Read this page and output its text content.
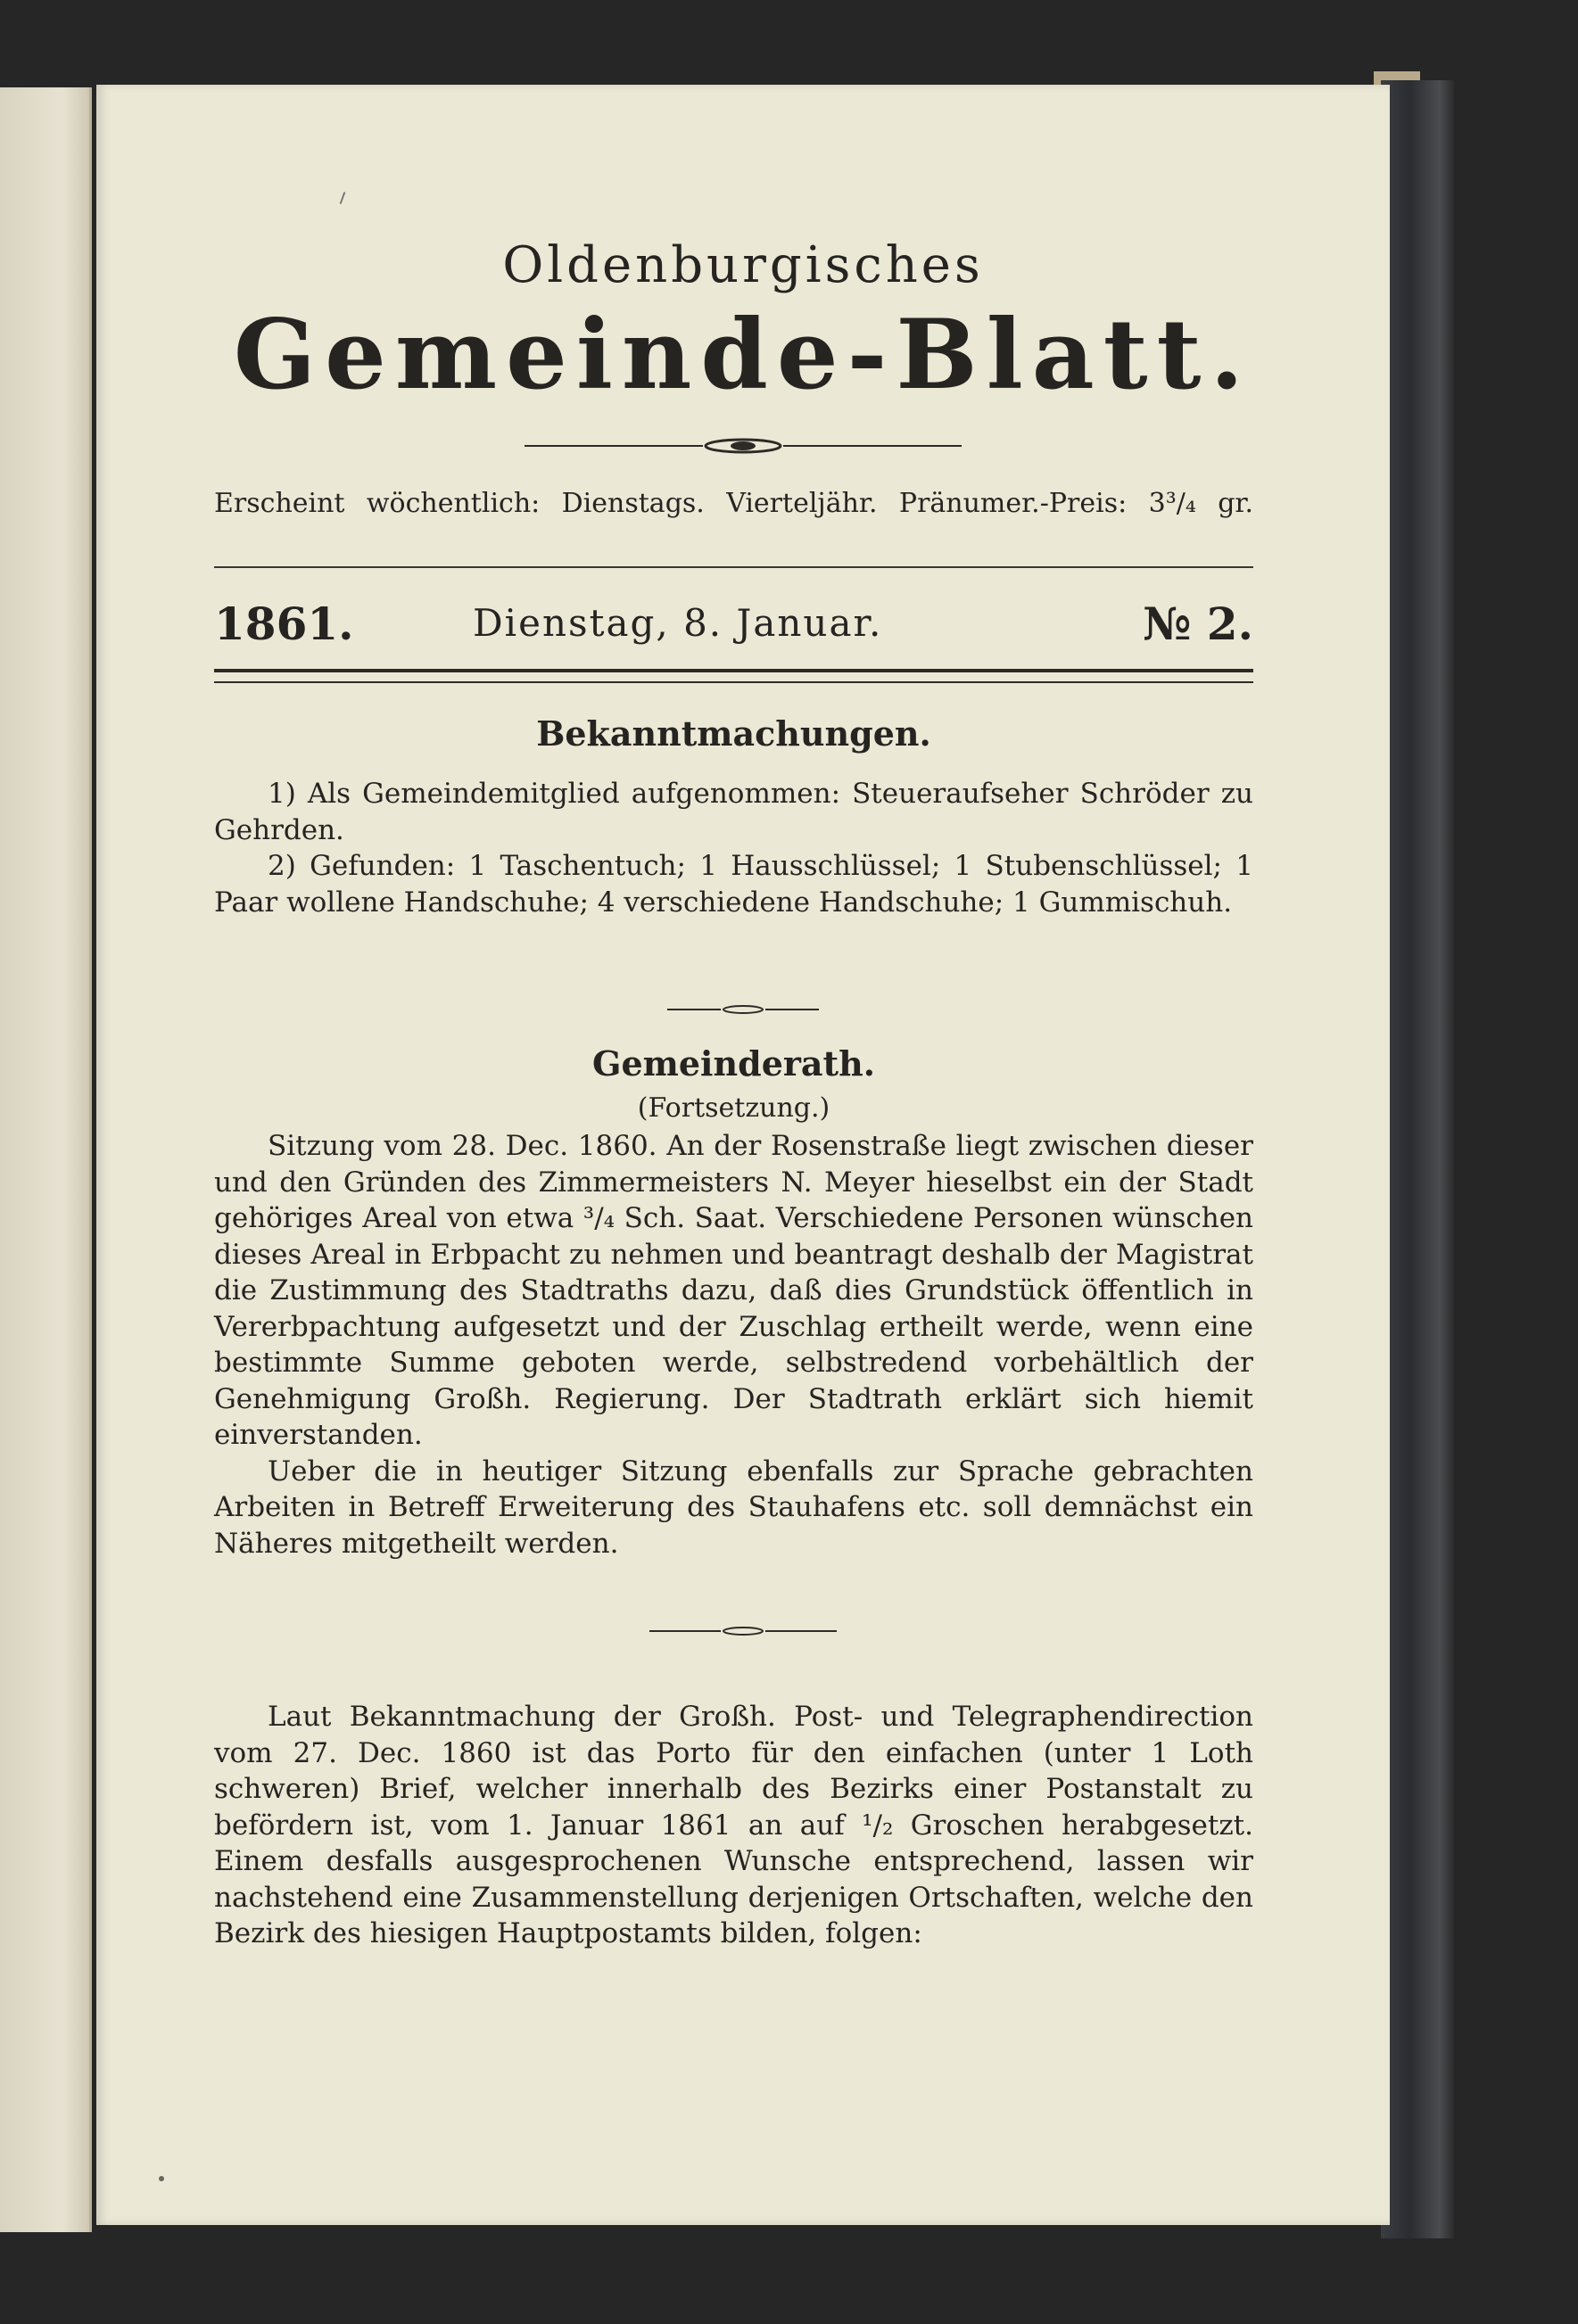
Oldenburgisches
Gemeinde-Blatt.
Erscheint wöchentlich: Dienstags. Vierteljähr. Pränumer.-Preis: 3³/₄ gr.
1861.	Dienstag, 8. Januar.	№ 2.
Bekanntmachungen.

1) Als Gemeindemitglied aufgenommen: Steueraufseher Schröder zu Gehrden.

2) Gefunden: 1 Taschentuch; 1 Hausschlüssel; 1 Stubenschlüssel; 1 Paar wollene Handschuhe; 4 verschiedene Handschuhe; 1 Gummischuh.

Gemeinderath.
(Fortsetzung.)

Sitzung vom 28. Dec. 1860. An der Rosenstraße liegt zwischen dieser und den Gründen des Zimmermeisters N. Meyer hieselbst ein der Stadt gehöriges Areal von etwa ³/₄ Sch. Saat. Verschiedene Personen wünschen dieses Areal in Erbpacht zu nehmen und beantragt deshalb der Magistrat die Zustimmung des Stadtraths dazu, daß dies Grundstück öffentlich in Vererbpachtung aufgesetzt und der Zuschlag ertheilt werde, wenn eine bestimmte Summe geboten werde, selbstredend vorbehältlich der Genehmigung Großh. Regierung. Der Stadtrath erklärt sich hiemit einverstanden.

Ueber die in heutiger Sitzung ebenfalls zur Sprache gebrachten Arbeiten in Betreff Erweiterung des Stauhafens etc. soll demnächst ein Näheres mitgetheilt werden.

Laut Bekanntmachung der Großh. Post- und Telegraphendirection vom 27. Dec. 1860 ist das Porto für den einfachen (unter 1 Loth schweren) Brief, welcher innerhalb des Bezirks einer Postanstalt zu befördern ist, vom 1. Januar 1861 an auf ¹/₂ Groschen herabgesetzt. Einem desfalls ausgesprochenen Wunsche entsprechend, lassen wir nachstehend eine Zusammenstellung derjenigen Ortschaften, welche den Bezirk des hiesigen Hauptpostamts bilden, folgen:
